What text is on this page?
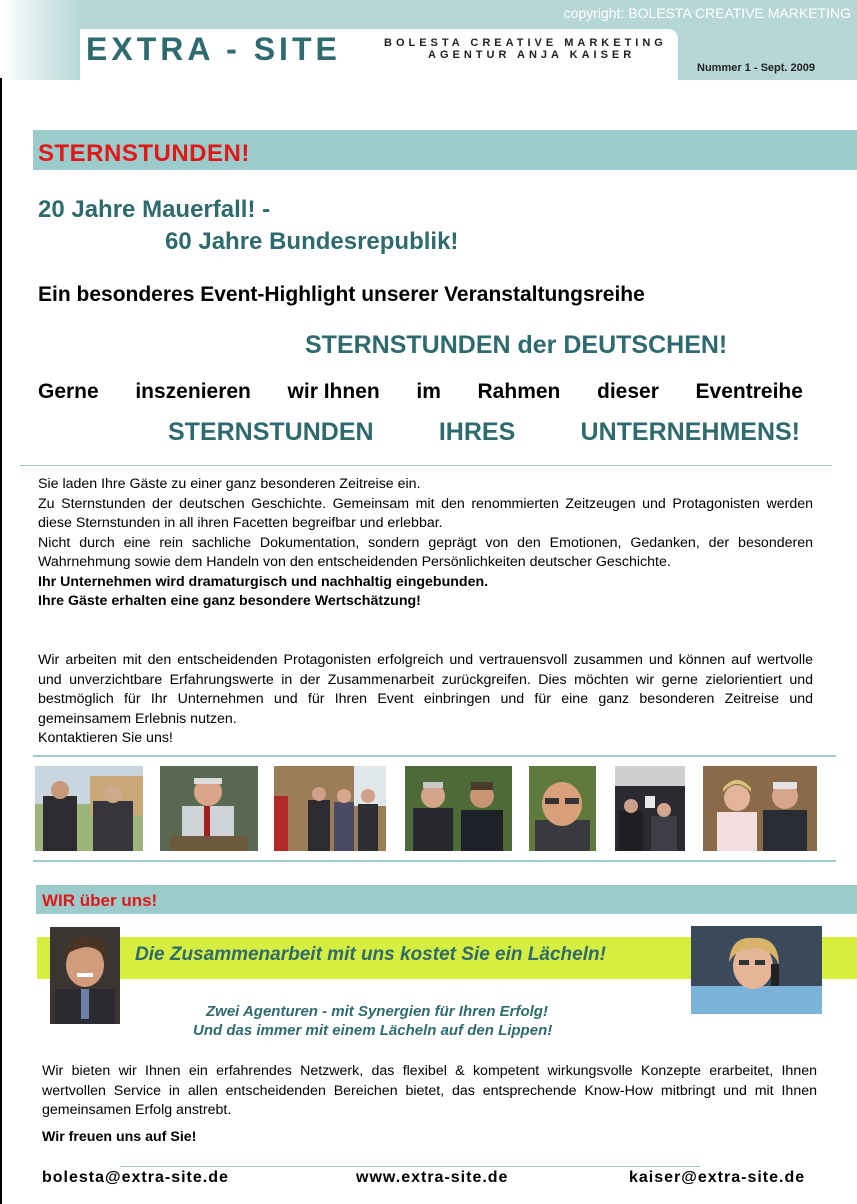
copyright: BOLESTA CREATIVE MARKETING
EXTRA - SITE	BOLESTA CREATIVE MARKETING
AGENTUR ANJA KAISER
Nummer 1 - Sept. 2009
STERNSTUNDEN!
20 Jahre Mauerfall! -
60 Jahre Bundesrepublik!
Ein besonderes Event-Highlight unserer Veranstaltungsreihe
STERNSTUNDEN der DEUTSCHEN!
Gerne inszenieren wir Ihnen im Rahmen dieser Eventreihe
STERNSTUNDEN	IHRES	UNTERNEHMENS!

Sie laden Ihre Gäste zu einer ganz besonderen Zeitreise ein.

Zu Sternstunden der deutschen Geschichte. Gemeinsam mit den renommierten Zeitzeugen und Protagonisten werden diese Sternstunden in all ihren Facetten begreifbar und erlebbar.

Nicht durch eine rein sachliche Dokumentation, sondern geprägt von den Emotionen, Gedanken, der besonderen Wahrnehmung sowie dem Handeln von den entscheidenden Persönlichkeiten deutscher Geschichte.

Ihr Unternehmen wird dramaturgisch und nachhaltig eingebunden.

Ihre Gäste erhalten eine ganz besondere Wertschätzung!

Wir arbeiten mit den entscheidenden Protagonisten erfolgreich und vertrauensvoll zusammen und können auf wertvolle und unverzichtbare Erfahrungswerte in der Zusammenarbeit zurückgreifen. Dies möchten wir gerne zielorientiert und bestmöglich für Ihr Unternehmen und für Ihren Event einbringen und für eine ganz besonderen Zeitreise und gemeinsamem Erlebnis nutzen.

Kontaktieren Sie uns!

WIR über uns!
Die Zusammenarbeit mit uns kostet Sie ein Lächeln!
Zwei Agenturen - mit Synergien für Ihren Erfolg!
Und das immer mit einem Lächeln auf den Lippen!

Wir bieten wir Ihnen ein erfahrendes Netzwerk, das flexibel & kompetent wirkungsvolle Konzepte erarbeitet, Ihnen wertvollen Service in allen entscheidenden Bereichen bietet, das entsprechende Know-How mitbringt und mit Ihnen gemeinsamen Erfolg anstrebt.

Wir freuen uns auf Sie!
bolesta@extra-site.de	www.extra-site.de	kaiser@extra-site.de
